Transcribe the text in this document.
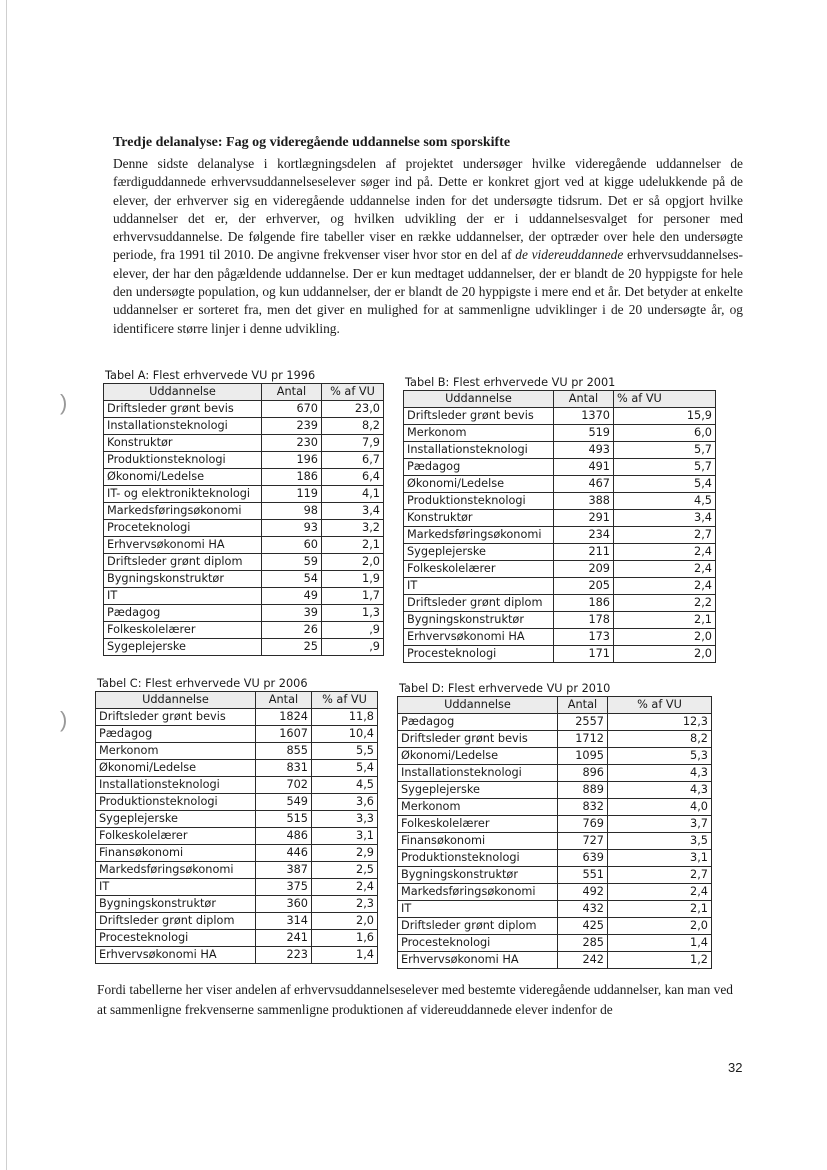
)
)
Tredje delanalyse: Fag og videregående uddannelse som sporskifte
Denne sidste delanalyse i kortlægningsdelen af projektet undersøger hvilke videregående uddannelser de færdiguddannede erhvervsuddannelseselever søger ind på. Dette er konkret gjort ved at kigge udelukkende på de elever, der erhverver sig en videregående uddannelse inden for det undersøgte tidsrum. Det er så opgjort hvilke uddannelser det er, der erhverver, og hvilken udvikling der er i uddannelsesvalget for personer med erhvervsuddannelse. De følgende fire tabeller viser en række uddannelser, der optræder over hele den undersøgte periode, fra 1991 til 2010. De angivne frekvenser viser hvor stor en del af de videreuddannede erhvervsuddannelses-elever, der har den pågældende uddannelse. Der er kun medtaget uddannelser, der er blandt de 20 hyppigste for hele den undersøgte population, og kun uddannelser, der er blandt de 20 hyppigste i mere end et år. Det betyder at enkelte uddannelser er sorteret fra, men det giver en mulighed for at sammenligne udviklinger i de 20 undersøgte år, og identificere større linjer i denne udvikling.
Tabel A: Flest erhvervede VU pr 1996
Uddannelse	Antal	% af VU
Driftsleder grønt bevis	670	23,0
Installationsteknologi	239	8,2
Konstruktør	230	7,9
Produktionsteknologi	196	6,7
Økonomi/Ledelse	186	6,4
IT- og elektronikteknologi	119	4,1
Markedsføringsøkonomi	98	3,4
Proceteknologi	93	3,2
Erhvervsøkonomi HA	60	2,1
Driftsleder grønt diplom	59	2,0
Bygningskonstruktør	54	1,9
IT	49	1,7
Pædagog	39	1,3
Folkeskolelærer	26	,9
Sygeplejerske	25	,9
Tabel B: Flest erhvervede VU pr 2001
Uddannelse	Antal	% af VU
Driftsleder grønt bevis	1370	15,9
Merkonom	519	6,0
Installationsteknologi	493	5,7
Pædagog	491	5,7
Økonomi/Ledelse	467	5,4
Produktionsteknologi	388	4,5
Konstruktør	291	3,4
Markedsføringsøkonomi	234	2,7
Sygeplejerske	211	2,4
Folkeskolelærer	209	2,4
IT	205	2,4
Driftsleder grønt diplom	186	2,2
Bygningskonstruktør	178	2,1
Erhvervsøkonomi HA	173	2,0
Procesteknologi	171	2,0
Tabel C: Flest erhvervede VU pr 2006
Uddannelse	Antal	% af VU
Driftsleder grønt bevis	1824	11,8
Pædagog	1607	10,4
Merkonom	855	5,5
Økonomi/Ledelse	831	5,4
Installationsteknologi	702	4,5
Produktionsteknologi	549	3,6
Sygeplejerske	515	3,3
Folkeskolelærer	486	3,1
Finansøkonomi	446	2,9
Markedsføringsøkonomi	387	2,5
IT	375	2,4
Bygningskonstruktør	360	2,3
Driftsleder grønt diplom	314	2,0
Procesteknologi	241	1,6
Erhvervsøkonomi HA	223	1,4
Tabel D: Flest erhvervede VU pr 2010
Uddannelse	Antal	% af VU
Pædagog	2557	12,3
Driftsleder grønt bevis	1712	8,2
Økonomi/Ledelse	1095	5,3
Installationsteknologi	896	4,3
Sygeplejerske	889	4,3
Merkonom	832	4,0
Folkeskolelærer	769	3,7
Finansøkonomi	727	3,5
Produktionsteknologi	639	3,1
Bygningskonstruktør	551	2,7
Markedsføringsøkonomi	492	2,4
IT	432	2,1
Driftsleder grønt diplom	425	2,0
Procesteknologi	285	1,4
Erhvervsøkonomi HA	242	1,2
Fordi tabellerne her viser andelen af erhvervsuddannelseselever med bestemte videregående uddannelser, kan man ved at sammenligne frekvenserne sammenligne produktionen af videreuddannede elever indenfor de
32
